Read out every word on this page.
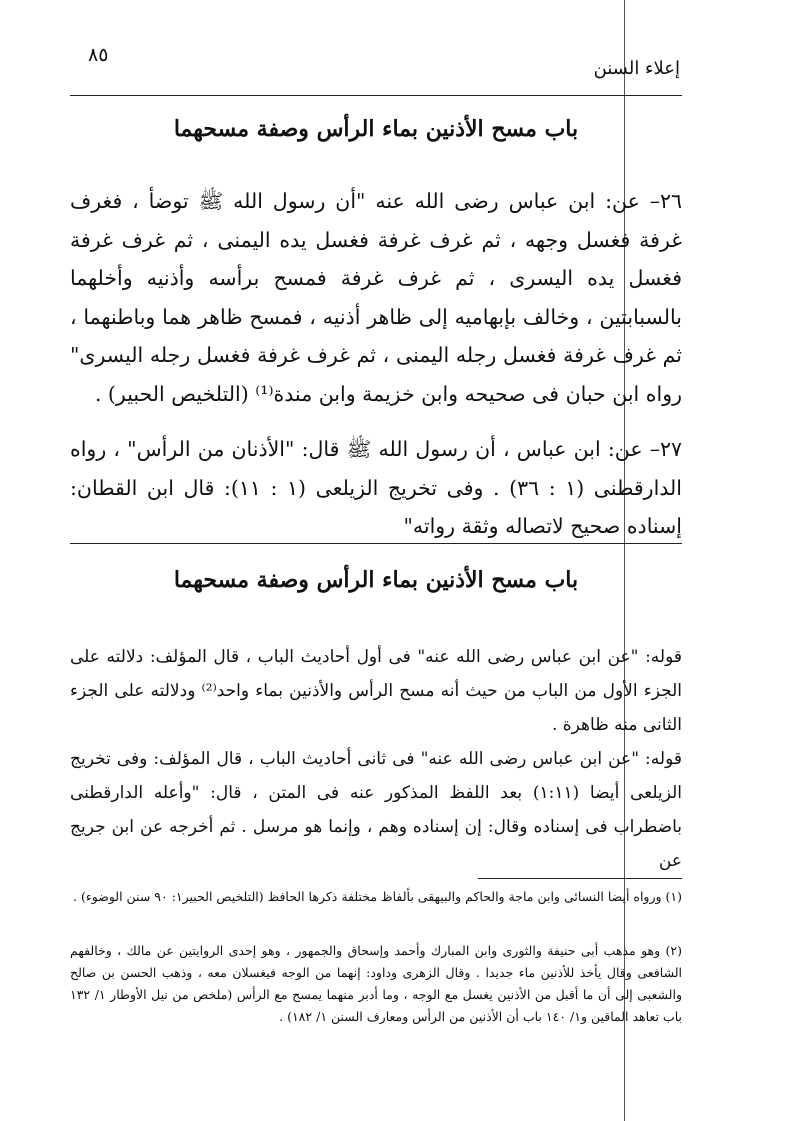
٨٥
إعلاء السنن
باب مسح الأذنين بماء الرأس وصفة مسحهما
٢٦– عن: ابن عباس رضى الله عنه "أن رسول الله ﷺ توضأ ، فغرف غرفة فغسل وجهه ، ثم غرف غرفة فغسل يده اليمنى ، ثم غرف غرفة فغسل يده اليسرى ، ثم غرف غرفة فمسح برأسه وأذنيه وأخلهما بالسبابتين ، وخالف بإبهاميه إلى ظاهر أذنيه ، فمسح ظاهر هما وباطنهما ، ثم غرف غرفة فغسل رجله اليمنى ، ثم غرف غرفة فغسل رجله اليسرى" رواه ابن حبان فى صحيحه وابن خزيمة وابن مندة⁽¹⁾ (التلخيص الحبير) .
٢٧– عن: ابن عباس ، أن رسول الله ﷺ قال: "الأذنان من الرأس" ، رواه الدارقطنى (١ : ٣٦) . وفى تخريج الزيلعى (١ : ١١): قال ابن القطان: إسناده صحيح لاتصاله وثقة رواته"
باب مسح الأذنين بماء الرأس وصفة مسحهما
قوله: "عن ابن عباس رضى الله عنه" فى أول أحاديث الباب ، قال المؤلف: دلالته على الجزء الأول من الباب من حيث أنه مسح الرأس والأذنين بماء واحد⁽²⁾ ودلالته على الجزء الثانى منه ظاهرة .
قوله: "عن ابن عباس رضى الله عنه" فى ثانى أحاديث الباب ، قال المؤلف: وفى تخريج الزيلعى أيضا (١:١١) بعد اللفظ المذكور عنه فى المتن ، قال: "وأعله الدارقطنى باضطراب فى إسناده وقال: إن إسناده وهم ، وإنما هو مرسل . ثم أخرجه عن ابن جريج عن
(١) ورواه أيضا النسائى وابن ماجة والحاكم والبيهقى بألفاظ مختلفة ذكرها الحافظ (التلخيص الحبير١: ٩٠ سنن الوضوء) .
(٢) وهو مذهب أبى حنيفة والثورى وابن المبارك وأحمد وإسحاق والجمهور ، وهو إحدى الروايتين عن مالك ، وخالفهم الشافعى وقال يأخذ للأذنين ماء جديدا . وقال الزهرى وداود: إنهما من الوجه فيغسلان معه ، وذهب الحسن بن صالح والشعبى إلى أن ما أقبل من الأذنين يغسل مع الوجه ، وما أدبر منهما يمسح مع الرأس (ملخص من نيل الأوطار ١/ ١٣٢ باب تعاهد الماقين و١/ ١٤٠ باب أن الأذنين من الرأس ومعارف السنن ١/ ١٨٢) .
